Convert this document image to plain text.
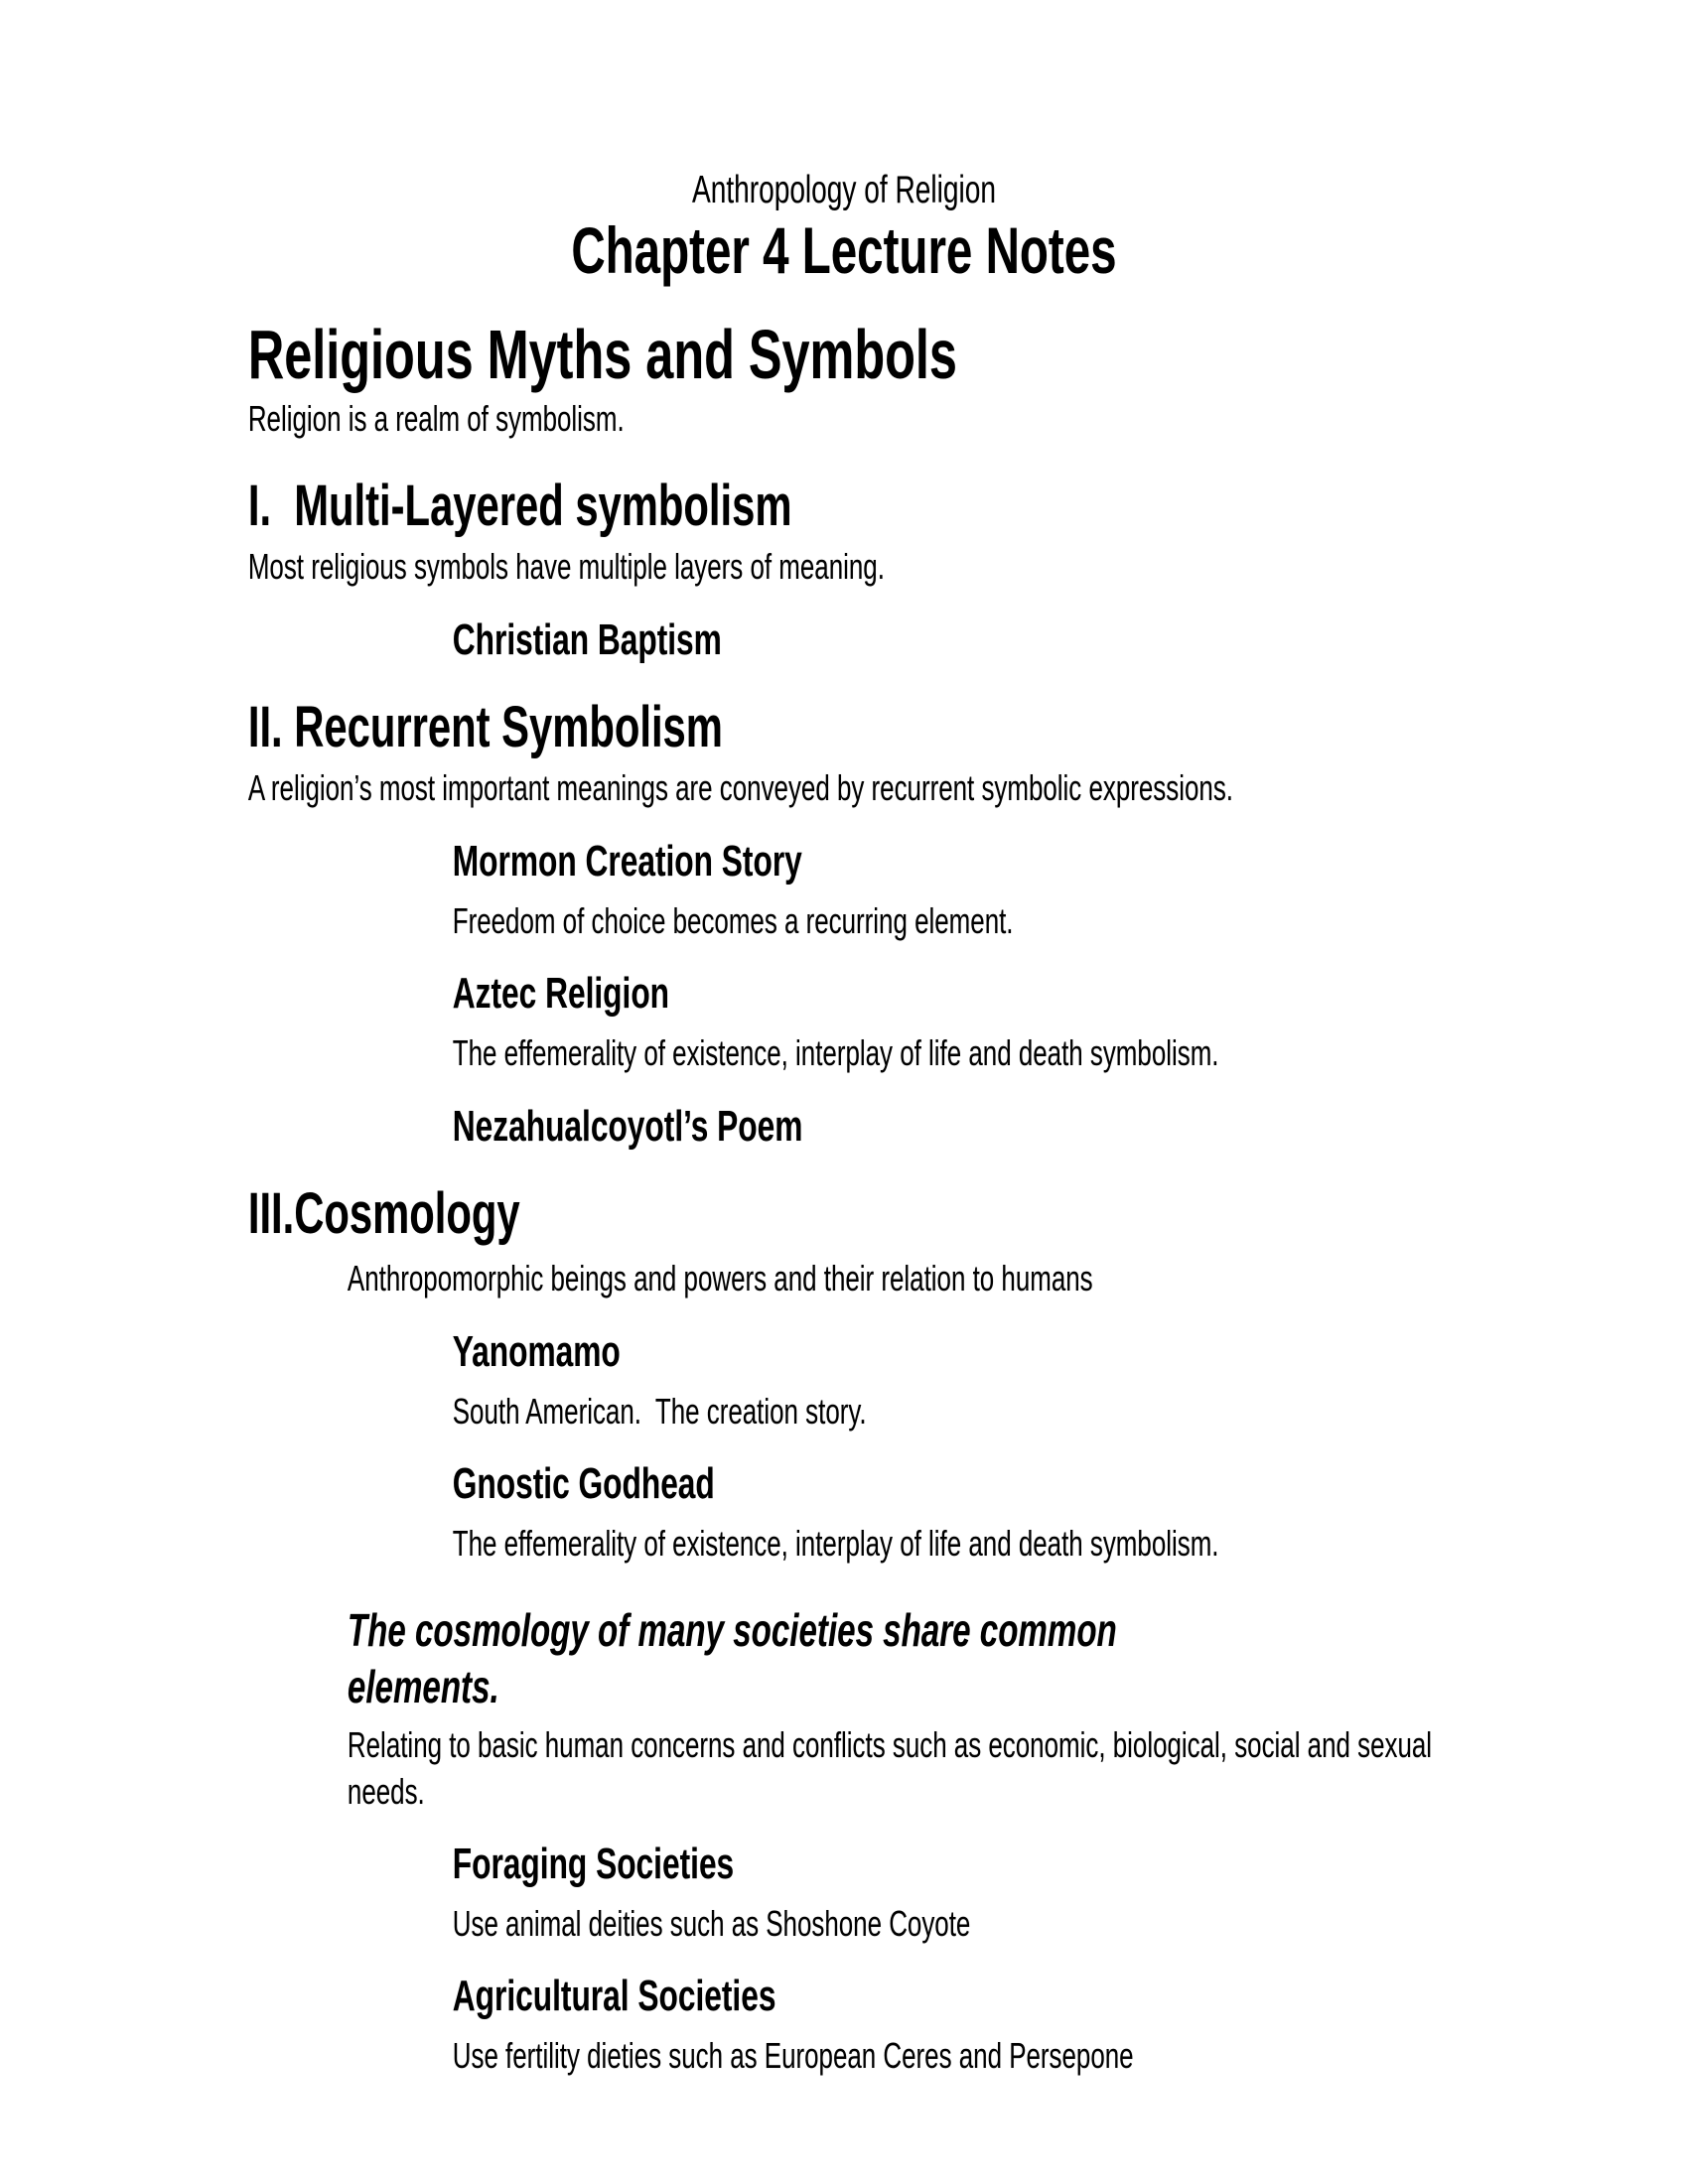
Anthropology of Religion
Chapter 4 Lecture Notes
Religious Myths and Symbols
Religion is a realm of symbolism.
I.  Multi-Layered symbolism
Most religious symbols have multiple layers of meaning.
Christian Baptism
II. Recurrent Symbolism
A religion’s most important meanings are conveyed by recurrent symbolic expressions.
Mormon Creation Story
Freedom of choice becomes a recurring element.
Aztec Religion
The effemerality of existence, interplay of life and death symbolism.
Nezahualcoyotl’s Poem
III.Cosmology
Anthropomorphic beings and powers and their relation to humans
Yanomamo
South American.  The creation story.
Gnostic Godhead
The effemerality of existence, interplay of life and death symbolism.
The cosmology of many societies share common elements.
Relating to basic human concerns and conflicts such as economic, biological, social and sexual needs.
Foraging Societies
Use animal deities such as Shoshone Coyote
Agricultural Societies
Use fertility dieties such as European Ceres and Persepone
